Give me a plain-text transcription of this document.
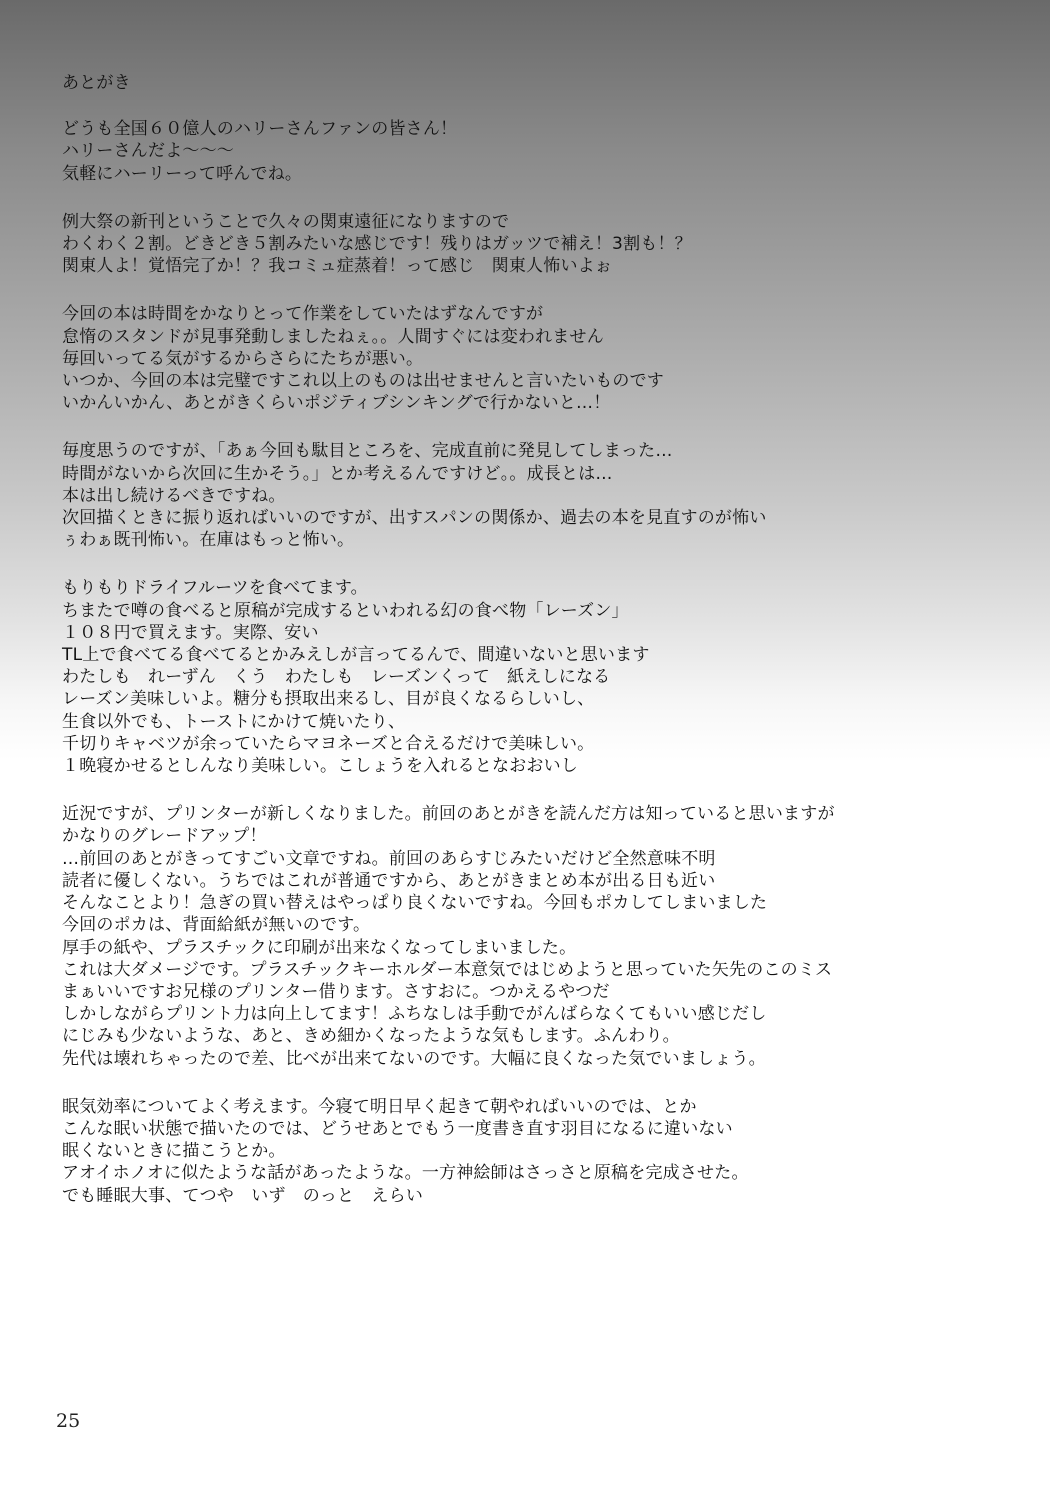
あとがき
どうも全国６０億人のハリーさんファンの皆さん！
ハリーさんだよ〜〜〜
気軽にハーリーって呼んでね。
例大祭の新刊ということで久々の関東遠征になりますので
わくわく２割。どきどき５割みたいな感じです！残りはガッツで補え！3割も！？
関東人よ！覚悟完了か！？我コミュ症蒸着！って感じ　関東人怖いよぉ
今回の本は時間をかなりとって作業をしていたはずなんですが
怠惰のスタンドが見事発動しましたねぇ。。人間すぐには変われません
毎回いってる気がするからさらにたちが悪い。
いつか、今回の本は完璧ですこれ以上のものは出せませんと言いたいものです
いかんいかん、あとがきくらいポジティブシンキングで行かないと…！
毎度思うのですが、「あぁ今回も駄目ところを、完成直前に発見してしまった…
時間がないから次回に生かそう。」とか考えるんですけど。。成長とは…
本は出し続けるべきですね。
次回描くときに振り返ればいいのですが、出すスパンの関係か、過去の本を見直すのが怖い
ぅわぁ既刊怖い。在庫はもっと怖い。
もりもりドライフルーツを食べてます。
ちまたで噂の食べると原稿が完成するといわれる幻の食べ物「レーズン」
１０８円で買えます。実際、安い
TL上で食べてる食べてるとかみえしが言ってるんで、間違いないと思います
わたしも　れーずん　くう　わたしも　レーズンくって　紙えしになる
レーズン美味しいよ。糖分も摂取出来るし、目が良くなるらしいし、
生食以外でも、トーストにかけて焼いたり、
千切りキャベツが余っていたらマヨネーズと合えるだけで美味しい。
１晩寝かせるとしんなり美味しい。こしょうを入れるとなおおいし
近況ですが、プリンターが新しくなりました。前回のあとがきを読んだ方は知っていると思いますが
かなりのグレードアップ！
…前回のあとがきってすごい文章ですね。前回のあらすじみたいだけど全然意味不明
読者に優しくない。うちではこれが普通ですから、あとがきまとめ本が出る日も近い
そんなことより！急ぎの買い替えはやっぱり良くないですね。今回もポカしてしまいました
今回のポカは、背面給紙が無いのです。
厚手の紙や、プラスチックに印刷が出来なくなってしまいました。
これは大ダメージです。プラスチックキーホルダー本意気ではじめようと思っていた矢先のこのミス
まぁいいですお兄様のプリンター借ります。さすおに。つかえるやつだ
しかしながらプリント力は向上してます！ふちなしは手動でがんばらなくてもいい感じだし
にじみも少ないような、あと、きめ細かくなったような気もします。ふんわり。
先代は壊れちゃったので差、比べが出来てないのです。大幅に良くなった気でいましょう。
眠気効率についてよく考えます。今寝て明日早く起きて朝やればいいのでは、とか
こんな眠い状態で描いたのでは、どうせあとでもう一度書き直す羽目になるに違いない
眠くないときに描こうとか。
アオイホノオに似たような話があったような。一方神絵師はさっさと原稿を完成させた。
でも睡眠大事、てつや　いず　のっと　えらい
25
